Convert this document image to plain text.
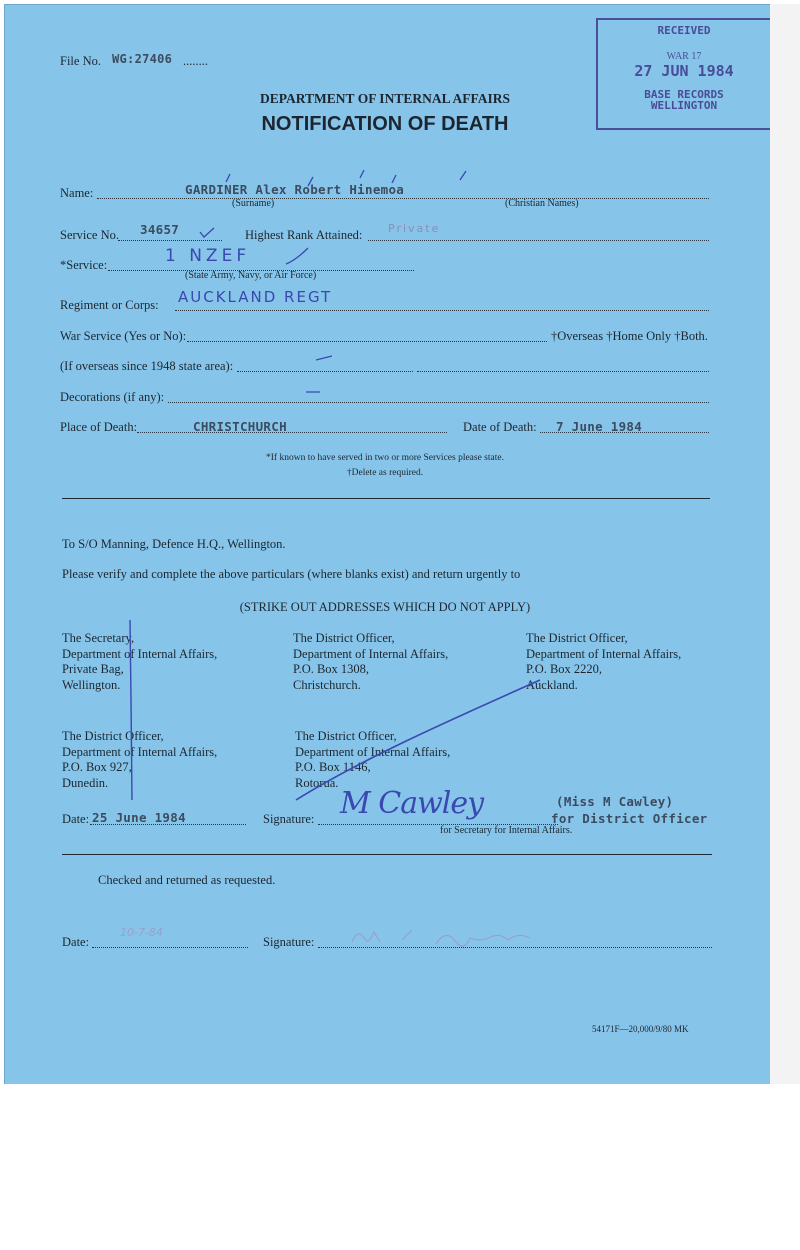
File No. WG:27406 ........
RECEIVED
WAR 17
27 JUN 1984
BASE RECORDS
WELLINGTON
DEPARTMENT OF INTERNAL AFFAIRS
NOTIFICATION OF DEATH
Name:	GARDINER Alex Robert Hinemoa
(Surname)	(Christian Names)
Service No. 34657	Highest Rank Attained: Private
*Service:	1 NZEF
(State Army, Navy, or Air Force)
Regiment or Corps: AUCKLAND REGT
War Service (Yes or No):	†Overseas †Home Only †Both.
(If overseas since 1948 state area):
Decorations (if any):
Place of Death:	CHRISTCHURCH	Date of Death: 7 June 1984
*If known to have served in two or more Services please state.
†Delete as required.
To S/O Manning, Defence H.Q., Wellington.
Please verify and complete the above particulars (where blanks exist) and return urgently to
(STRIKE OUT ADDRESSES WHICH DO NOT APPLY)
The Secretary,
Department of Internal Affairs,
Private Bag,
Wellington.
The District Officer,
Department of Internal Affairs,
P.O. Box 1308,
Christchurch.
The District Officer,
Department of Internal Affairs,
P.O. Box 2220,
Auckland.
The District Officer,
Department of Internal Affairs,
P.O. Box 927,
Dunedin.
The District Officer,
Department of Internal Affairs,
P.O. Box 1146,
Rotorua.
Date: 25 June 1984	Signature: M Cawley	(Miss M Cawley)
for District Officer
for Secretary for Internal Affairs.
Checked and returned as requested.
Date:
10-7-84
Signature:
54171F—20,000/9/80 MK
